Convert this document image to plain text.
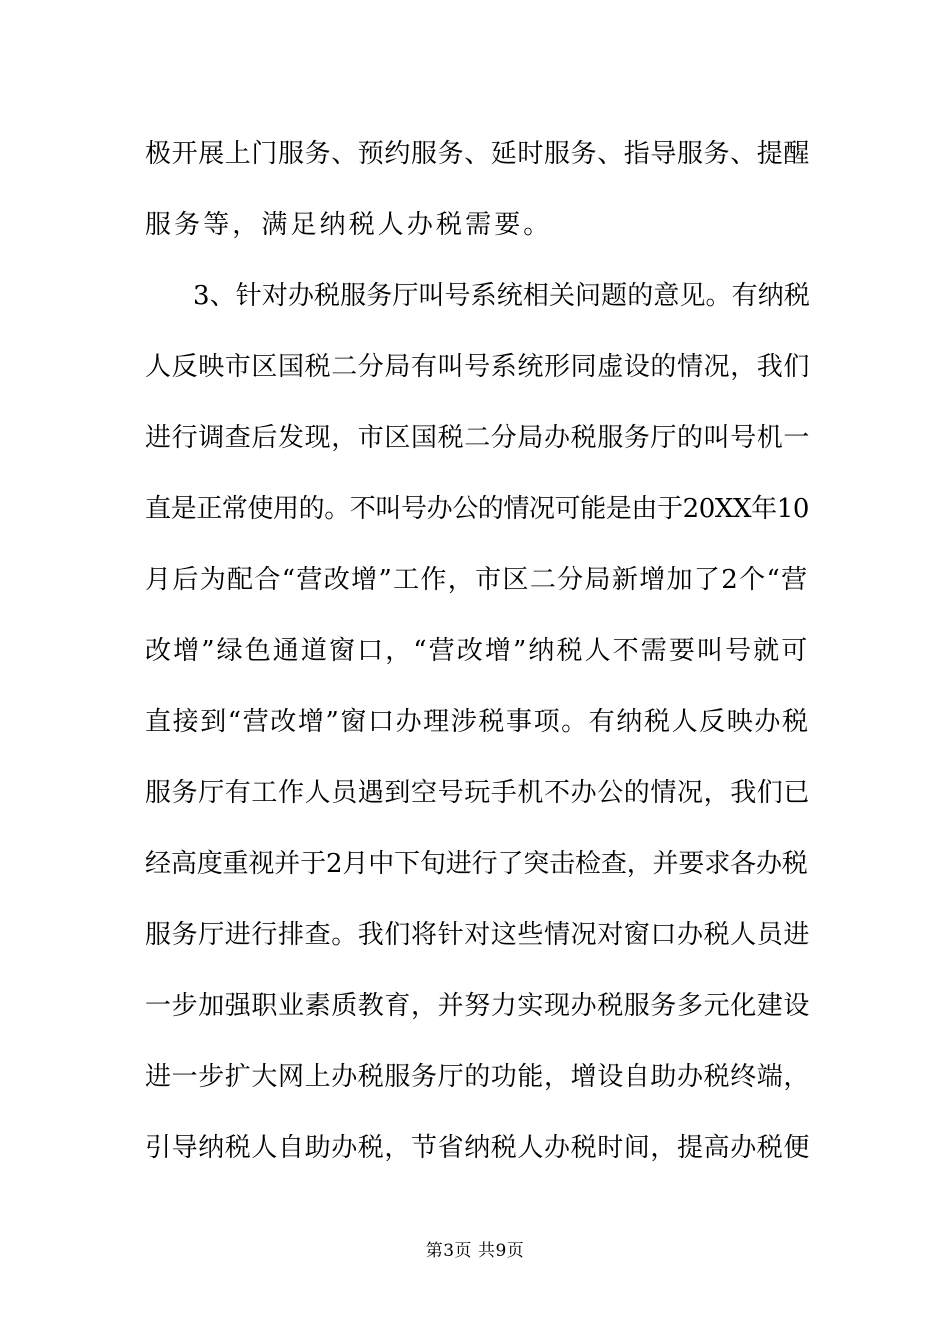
极开展上门服务、预约服务、延时服务、指导服务、提醒
服务等，满足纳税人办税需要。
3、针对办税服务厅叫号系统相关问题的意见。有纳税
人反映市区国税二分局有叫号系统形同虚设的情况，我们
进行调查后发现，市区国税二分局办税服务厅的叫号机一
直是正常使用的。不叫号办公的情况可能是由于20XX年10
月后为配合“营改增”工作，市区二分局新增加了2个“营
改增”绿色通道窗口，“营改增”纳税人不需要叫号就可
直接到“营改增”窗口办理涉税事项。有纳税人反映办税
服务厅有工作人员遇到空号玩手机不办公的情况，我们已
经高度重视并于2月中下旬进行了突击检查，并要求各办税
服务厅进行排查。我们将针对这些情况对窗口办税人员进
一步加强职业素质教育，并努力实现办税服务多元化建设
进一步扩大网上办税服务厅的功能，增设自助办税终端，
引导纳税人自助办税，节省纳税人办税时间，提高办税便
第3页 共9页
